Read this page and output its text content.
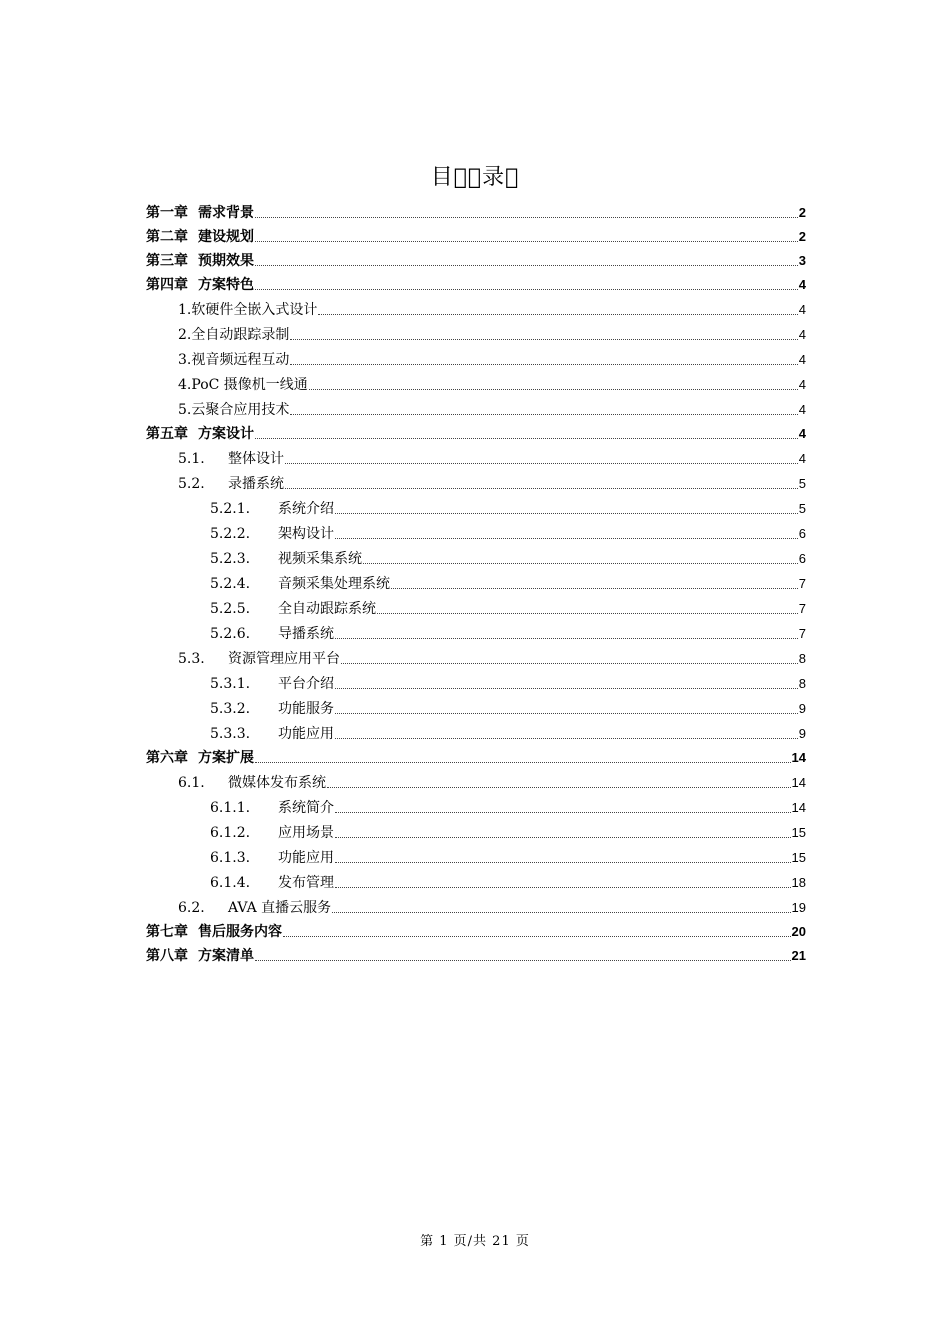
目  录 
第一章 需求背景	2
第二章 建设规划	2
第三章 预期效果	3
第四章 方案特色	4
1.软硬件全嵌入式设计	4
2.全自动跟踪录制	4
3.视音频远程互动	4
4.PoC 摄像机一线通	4
5.云聚合应用技术	4
第五章 方案设计	4
5.1. 整体设计	4
5.2. 录播系统	5
5.2.1. 系统介绍	5
5.2.2. 架构设计	6
5.2.3. 视频采集系统	6
5.2.4. 音频采集处理系统	7
5.2.5. 全自动跟踪系统	7
5.2.6. 导播系统	7
5.3. 资源管理应用平台	8
5.3.1. 平台介绍	8
5.3.2. 功能服务	9
5.3.3. 功能应用	9
第六章 方案扩展	14
6.1. 微媒体发布系统	14
6.1.1. 系统简介	14
6.1.2. 应用场景	15
6.1.3. 功能应用	15
6.1.4. 发布管理	18
6.2. AVA 直播云服务	19
第七章 售后服务内容	20
第八章 方案清单	21
第 1 页/共 21 页
